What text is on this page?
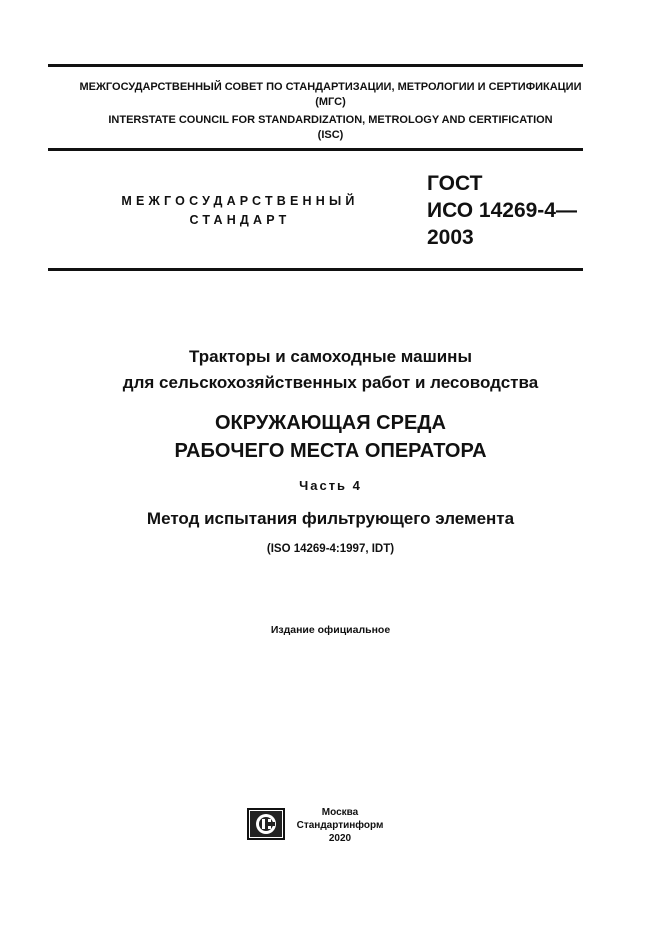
МЕЖГОСУДАРСТВЕННЫЙ СОВЕТ ПО СТАНДАРТИЗАЦИИ, МЕТРОЛОГИИ И СЕРТИФИКАЦИИ
(МГС)
INTERSTATE COUNCIL FOR STANDARDIZATION, METROLOGY AND CERTIFICATION
(ISC)
МЕЖГОСУДАРСТВЕННЫЙ
СТАНДАРТ
ГОСТ
ИСО 14269-4—
2003
Тракторы и самоходные машины
для сельскохозяйственных работ и лесоводства
ОКРУЖАЮЩАЯ СРЕДА
РАБОЧЕГО МЕСТА ОПЕРАТОРА
Часть 4
Метод испытания фильтрующего элемента
(ISO 14269-4:1997, IDT)
Издание официальное
Москва
Стандартинформ
2020
